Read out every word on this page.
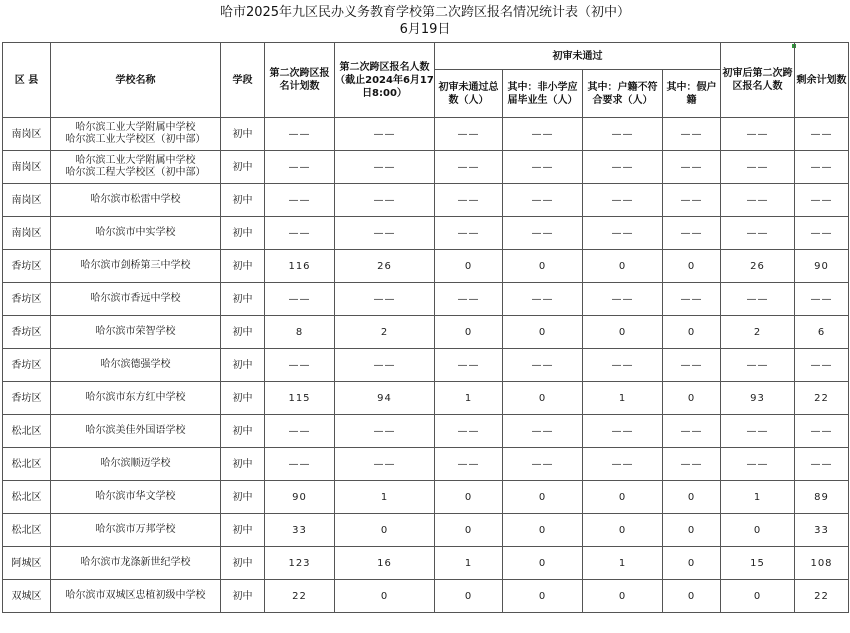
哈市2025年九区民办义务教育学校第二次跨区报名情况统计表（初中）
6月19日
区 县	学校名称	学段	第二次跨区报名计划数	第二次跨区报名人数（截止2024年6月17日8:00）	初审未通过				初审后第二次跨区报名人数	剩余计划数
					初审未通过总数（人）	其中：非小学应届毕业生（人）	其中：户籍不符合要求（人）	其中：假户籍		
南岗区	哈尔滨工业大学附属中学校
哈尔滨工业大学校区（初中部）	初中	——	——	——	——	——	——	——	——
南岗区	哈尔滨工业大学附属中学校
哈尔滨工程大学校区（初中部）	初中	——	——	——	——	——	——	——	——
南岗区	哈尔滨市松雷中学校	初中	——	——	——	——	——	——	——	——
南岗区	哈尔滨市中实学校	初中	——	——	——	——	——	——	——	——
香坊区	哈尔滨市剑桥第三中学校	初中	116	26	0	0	0	0	26	90
香坊区	哈尔滨市香远中学校	初中	——	——	——	——	——	——	——	——
香坊区	哈尔滨市荣智学校	初中	8	2	0	0	0	0	2	6
香坊区	哈尔滨德强学校	初中	——	——	——	——	——	——	——	——
香坊区	哈尔滨市东方红中学校	初中	115	94	1	0	1	0	93	22
松北区	哈尔滨美佳外国语学校	初中	——	——	——	——	——	——	——	——
松北区	哈尔滨顺迈学校	初中	——	——	——	——	——	——	——	——
松北区	哈尔滨市华文学校	初中	90	1	0	0	0	0	1	89
松北区	哈尔滨市万邦学校	初中	33	0	0	0	0	0	0	33
阿城区	哈尔滨市龙涤新世纪学校	初中	123	16	1	0	1	0	15	108
双城区	哈尔滨市双城区忠植初级中学校	初中	22	0	0	0	0	0	0	22
